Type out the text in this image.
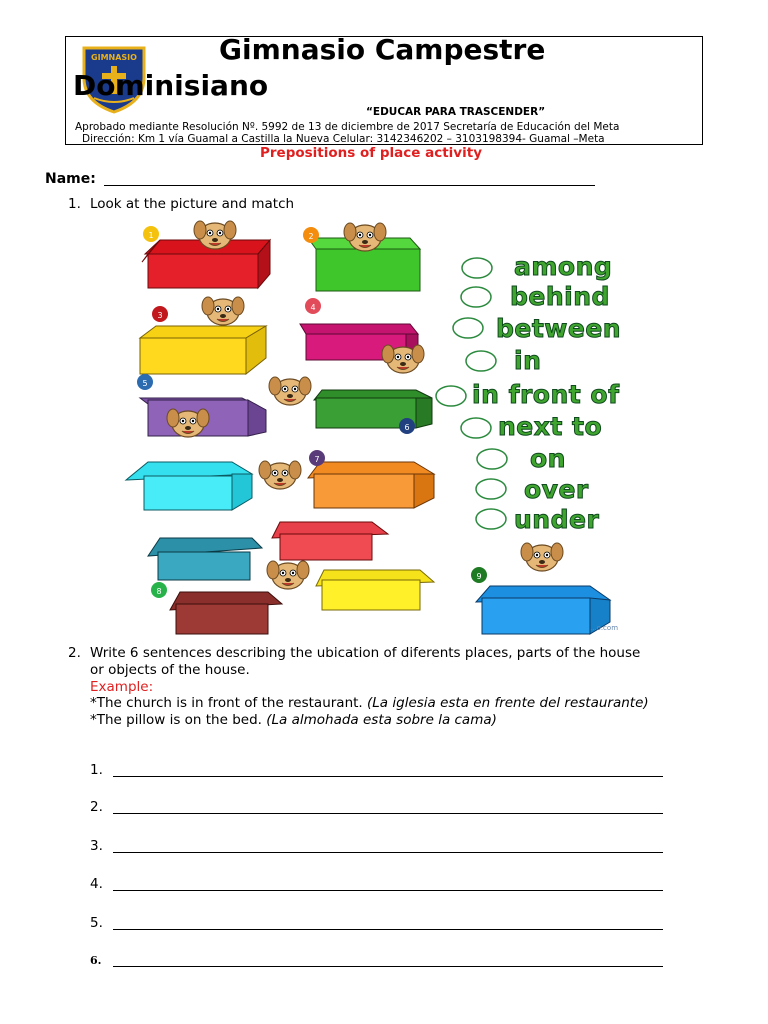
GIMNASIO	Gimnasio Campestre
Dominisiano
“EDUCAR PARA TRASCENDER”
Aprobado mediante Resolución Nº. 5992 de 13 de diciembre de 2017 Secretaría de Educación del Meta
Dirección: Km 1 vía Guamal a Castilla la Nueva Celular: 3142346202 – 3103198394- Guamal –Meta
Prepositions of place activity
Name:
1. Look at the picture and match
1	2
3
4
5
6
7
8
9
...o.com
among
behind
between
in
in front of
next to
on
over
under
2. Write 6 sentences describing the ubication of diferents places, parts of the house
or objects of the house.
Example:
*The church is in front of the restaurant. (La iglesia esta en frente del restaurante)
*The pillow is on the bed. (La almohada esta sobre la cama)
1.
2.
3.
4.
5.
6.
